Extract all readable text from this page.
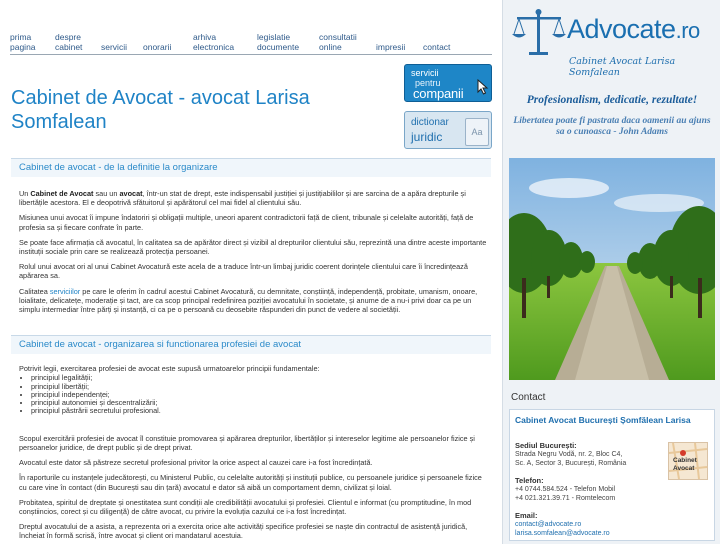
prima
pagina
despre
cabinet
servicii
onorarii
arhiva
electronica
legislatie
documente
consultatii
online
	impresii
contact
Cabinet de Avocat - avocat Larisa Somfalean
servicii
pentru
companii
dictionar
juridic	Aa
Cabinet de avocat - de la definitie la organizare

Un Cabinet de Avocat sau un avocat, într-un stat de drept, este indispensabil justiției și justițiabililor și are sarcina de a apăra drepturile și libertățile acestora. El e deopotrivă sfătuitorul și apărătorul cel mai fidel al clientului său.

Misiunea unui avocat îi impune îndatoriri și obligații multiple, uneori aparent contradictorii față de client, tribunale și celelalte autorități, față de profesia sa și fiecare confrate în parte.

Se poate face afirmația că avocatul, în calitatea sa de apărător direct și vizibil al drepturilor clientului său, reprezintă una dintre aceste importante instituții sociale prin care se realizează protecția persoanei.

Rolul unui avocat ori al unui Cabinet Avocatură este acela de a traduce într-un limbaj juridic coerent dorințele clientului care îi încredințează apărarea sa.

Calitatea serviciilor pe care le oferim în cadrul acestui Cabinet Avocatură, cu demnitate, conștiință, independență, probitate, umanism, onoare, loialitate, delicatețe, moderație și tact, are ca scop principal redefinirea poziției avocatului în societate, și anume de a nu-i privi doar ca pe un simplu intermediar între părți și instanță, ci ca pe o persoană cu deosebite răspunderi din punct de vedere al societății.

Cabinet de avocat - organizarea si functionarea profesiei de avocat

Potrivit legii, exercitarea profesiei de avocat este supusă urmatoarelor principii fundamentale:

• principiul legalității;
• principiul libertății;
• principiul independenței;
• principiul autonomiei și descentralizării;
• principiul păstrării secretului profesional.

Scopul exercitării profesiei de avocat îl constituie promovarea și apărarea drepturilor, libertăților și intereselor legitime ale persoanelor fizice și persoanelor juridice, de drept public și de drept privat.

Avocatul este dator să păstreze secretul profesional privitor la orice aspect al cauzei care i-a fost încredințată.

În raporturile cu instanțele judecătorești, cu Ministerul Public, cu celelalte autorități și instituții publice, cu persoanele juridice și persoanele fizice cu care vine în contact (din București sau din țară) avocatul e dator să aibă un comportament demn, civilizat și loial.

Probitatea, spiritul de dreptate și onestitatea sunt condiții ale credibilității avocatului și profesiei. Clientul e informat (cu promptitudine, în mod conștiincios, corect și cu diligență) de către avocat, cu privire la evoluția cazului ce i-a fost încredințat.

Dreptul avocatului de a asista, a reprezenta ori a exercita orice alte activități specifice profesiei se naște din contractul de asistență juridică, încheiat în formă scrisă, între avocat și client ori mandatarul acestuia.

Advocate.ro
Cabinet Avocat Larisa Somfalean
Profesionalism, dedicatie, rezultate!
Libertatea poate fi pastrata daca oamenii au ajuns sa o cunoasca - John Adams
Contact
Cabinet Avocat București Șomfălean Larisa
Sediul București:
Strada Negru Vodă, nr. 2, Bloc C4,
Sc. A, Sector 3, București, România
Telefon:
+4 0744.584.524 - Telefon Mobil
+4 021.321.39.71 - Romtelecom
Email:
contact@advocate.ro
larisa.somfalean@advocate.ro
Cabinet
Avocat
